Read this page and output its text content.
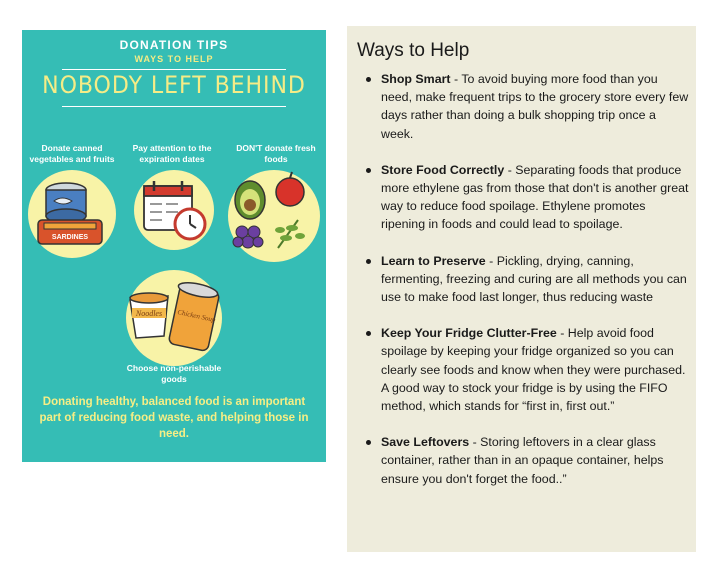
DONATION TIPS
WAYS TO HELP
NOBODY LEFT BEHIND
Donate canned vegetables and fruits
Pay attention to the expiration dates
DON'T donate fresh foods
SARDINES
Noodles Chicken Soup
Choose non-perishable goods
Donating healthy, balanced food is an important part of reducing food waste, and helping those in need.
Ways to Help
Shop Smart - To avoid buying more food than you need, make frequent trips to the grocery store every few days rather than doing a bulk shopping trip once a week.
Store Food Correctly - Separating foods that produce more ethylene gas from those that don't is another great way to reduce food spoilage. Ethylene promotes ripening in foods and could lead to spoilage.
Learn to Preserve - Pickling, drying, canning, fermenting, freezing and curing are all methods you can use to make food last longer, thus reducing waste
Keep Your Fridge Clutter-Free - Help avoid food spoilage by keeping your fridge organized so you can clearly see foods and know when they were purchased. A good way to stock your fridge is by using the FIFO method, which stands for “first in, first out.”
Save Leftovers - Storing leftovers in a clear glass container, rather than in an opaque container, helps ensure you don't forget the food..”
